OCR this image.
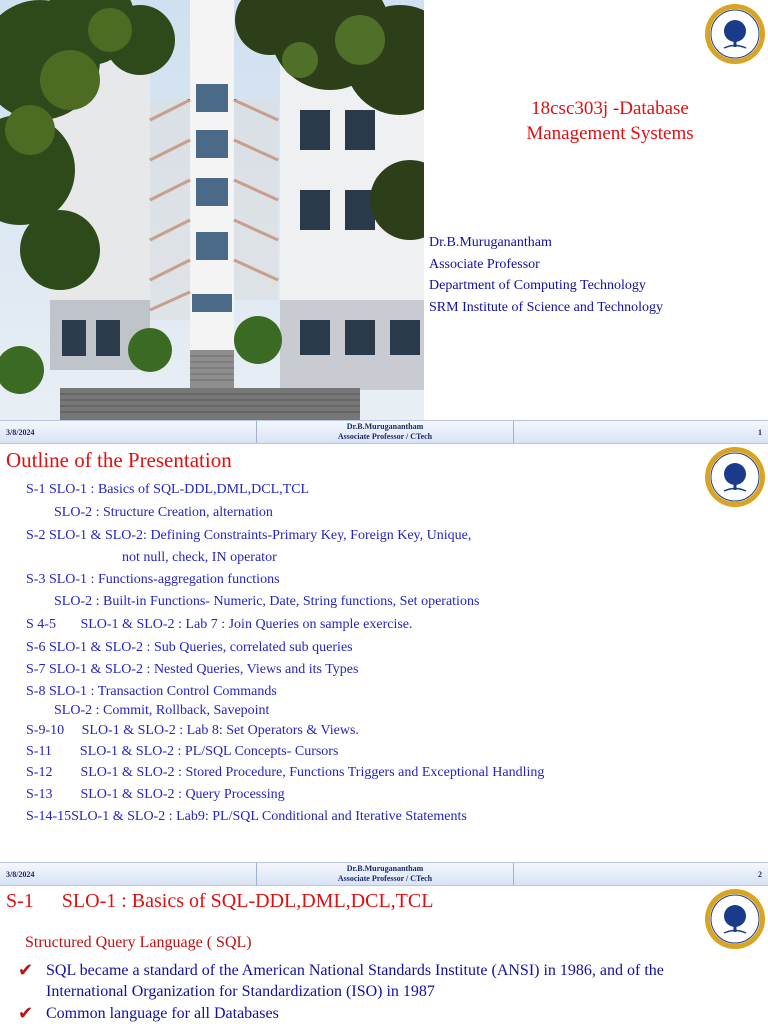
18csc303j -Database
Management Systems
Dr.B.Muruganantham
Associate Professor
Department of Computing Technology
SRM Institute of Science and Technology
3/8/2024
Dr.B.Muruganantham
Associate Professor / CTech	1
Outline of the Presentation
S-1 SLO-1 : Basics of SQL-DDL,DML,DCL,TCL
SLO-2 : Structure Creation, alternation
S-2 SLO-1 & SLO-2: Defining Constraints-Primary Key, Foreign Key, Unique,
not null, check, IN operator
S-3 SLO-1 : Functions-aggregation functions
SLO-2 : Built-in Functions- Numeric, Date, String functions, Set operations
S 4-5       SLO-1 & SLO-2 : Lab 7 : Join Queries on sample exercise.
S-6 SLO-1 & SLO-2 : Sub Queries, correlated sub queries
S-7 SLO-1 & SLO-2 : Nested Queries, Views and its Types
S-8 SLO-1 : Transaction Control Commands
SLO-2 : Commit, Rollback, Savepoint
S-9-10     SLO-1 & SLO-2 : Lab 8: Set Operators & Views.
S-11        SLO-1 & SLO-2 : PL/SQL Concepts- Cursors
S-12        SLO-1 & SLO-2 : Stored Procedure, Functions Triggers and Exceptional Handling
S-13        SLO-1 & SLO-2 : Query Processing
S-14-15SLO-1 & SLO-2 : Lab9: PL/SQL Conditional and Iterative Statements
3/8/2024
Dr.B.Muruganantham
Associate Professor / CTech	2
S-1 SLO-1 : Basics of SQL-DDL,DML,DCL,TCL
Structured Query Language ( SQL)
✔ SQL became a standard of the American National Standards Institute (ANSI) in 1986, and of the International Organization for Standardization (ISO) in 1987
✔ Common language for all Databases
